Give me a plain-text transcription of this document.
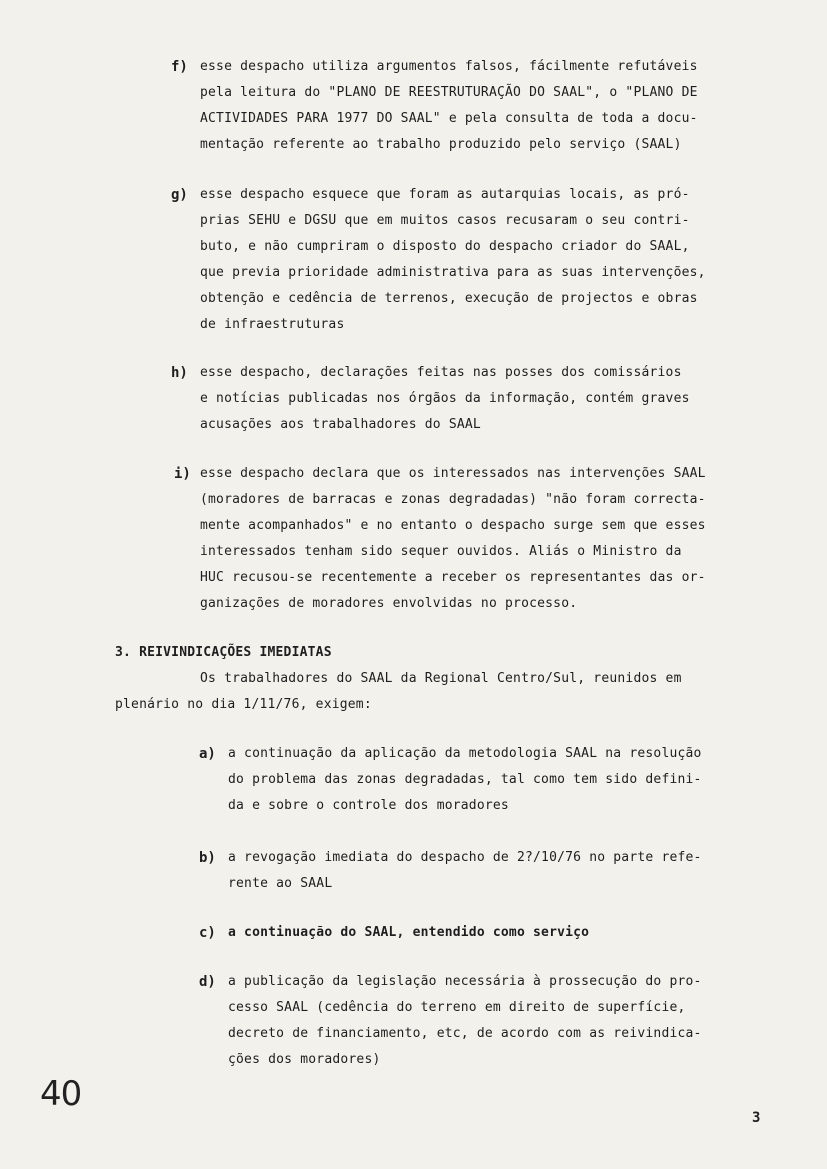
f) esse despacho utiliza argumentos falsos, fácilmente refutáveis
pela leitura do "PLANO DE REESTRUTURAÇÃO DO SAAL", o "PLANO DE
ACTIVIDADES PARA 1977 DO SAAL" e pela consulta de toda a docu-
mentação referente ao trabalho produzido pelo serviço (SAAL)
g) esse despacho esquece que foram as autarquias locais, as pró-
prias SEHU e DGSU que em muitos casos recusaram o seu contri-
buto, e não cumpriram o disposto do despacho criador do SAAL,
que previa prioridade administrativa para as suas intervenções,
obtenção e cedência de terrenos, execução de projectos e obras
de infraestruturas
h) esse despacho, declarações feitas nas posses dos comissários
e notícias publicadas nos órgãos da informação, contém graves
acusações aos trabalhadores do SAAL
i) esse despacho declara que os interessados nas intervenções SAAL
(moradores de barracas e zonas degradadas) "não foram correcta-
mente acompanhados" e no entanto o despacho surge sem que esses
interessados tenham sido sequer ouvidos. Aliás o Ministro da
HUC recusou-se recentemente a receber os representantes das or-
ganizações de moradores envolvidas no processo.
3. REIVINDICAÇÕES IMEDIATAS
Os trabalhadores do SAAL da Regional Centro/Sul, reunidos em
plenário no dia 1/11/76, exigem:
a) a continuação da aplicação da metodologia SAAL na resolução
do problema das zonas degradadas, tal como tem sido defini-
da e sobre o controle dos moradores
b) a revogação imediata do despacho de 2?/10/76 no parte refe-
rente ao SAAL
c) a continuação do SAAL, entendido como serviço
d) a publicação da legislação necessária à prossecução do pro-
cesso SAAL (cedência do terreno em direito de superfície,
decreto de financiamento, etc, de acordo com as reivindica-
ções dos moradores)
40
3
